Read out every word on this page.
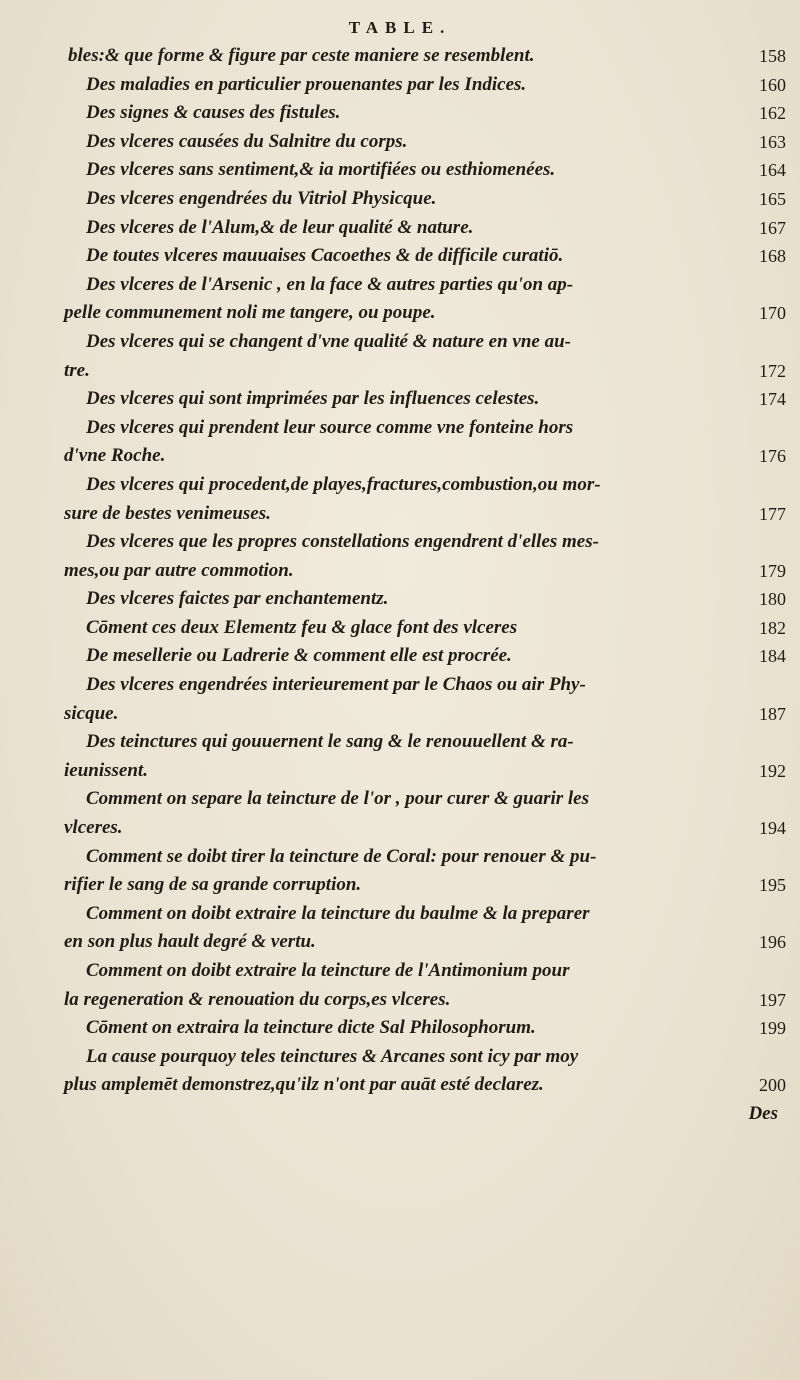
TABLE.
bles:& que forme & figure par ceste maniere se resemblent.	158
Des maladies en particulier prouenantes par les Indices.	160
Des signes & causes des fistules.	162
Des vlceres causées du Salnitre du corps.	163
Des vlceres sans sentiment,& ia mortifiées ou esthiomenées.	164
Des vlceres engendrées du Vitriol Physicque.	165
Des vlceres de l'Alum,& de leur qualité & nature.	167
De toutes vlceres mauuaises Cacoethes & de difficile curatiō.	168
Des vlceres de l'Arsenic , en la face & autres parties qu'on ap-
pelle communement noli me tangere, ou poupe.	170
Des vlceres qui se changent d'vne qualité & nature en vne au-
tre.	172
Des vlceres qui sont imprimées par les influences celestes.	174
Des vlceres qui prendent leur source comme vne fonteine hors
d'vne Roche.	176
Des vlceres qui procedent,de playes,fractures,combustion,ou mor-
sure de bestes venimeuses.	177
Des vlceres que les propres constellations engendrent d'elles mes-
mes,ou par autre commotion.	179
Des vlceres faictes par enchantementz.	180
Cōment ces deux Elementz feu & glace font des vlceres	182
De mesellerie ou Ladrerie & comment elle est procrée.	184
Des vlceres engendrées interieurement par le Chaos ou air Phy-
sicque.	187
Des teinctures qui gouuernent le sang & le renouuellent & ra-
ieunissent.	192
Comment on separe la teincture de l'or , pour curer & guarir les
vlceres.	194
Comment se doibt tirer la teincture de Coral: pour renouer & pu-
rifier le sang de sa grande corruption.	195
Comment on doibt extraire la teincture du baulme & la preparer
en son plus hault degré & vertu.	196
Comment on doibt extraire la teincture de l'Antimonium pour
la regeneration & renouation du corps,es vlceres.	197
Cōment on extraira la teincture dicte Sal Philosophorum.	199
La cause pourquoy teles teinctures & Arcanes sont icy par moy
plus amplemēt demonstrez,qu'ilz n'ont par auāt esté declarez.	200
Des
